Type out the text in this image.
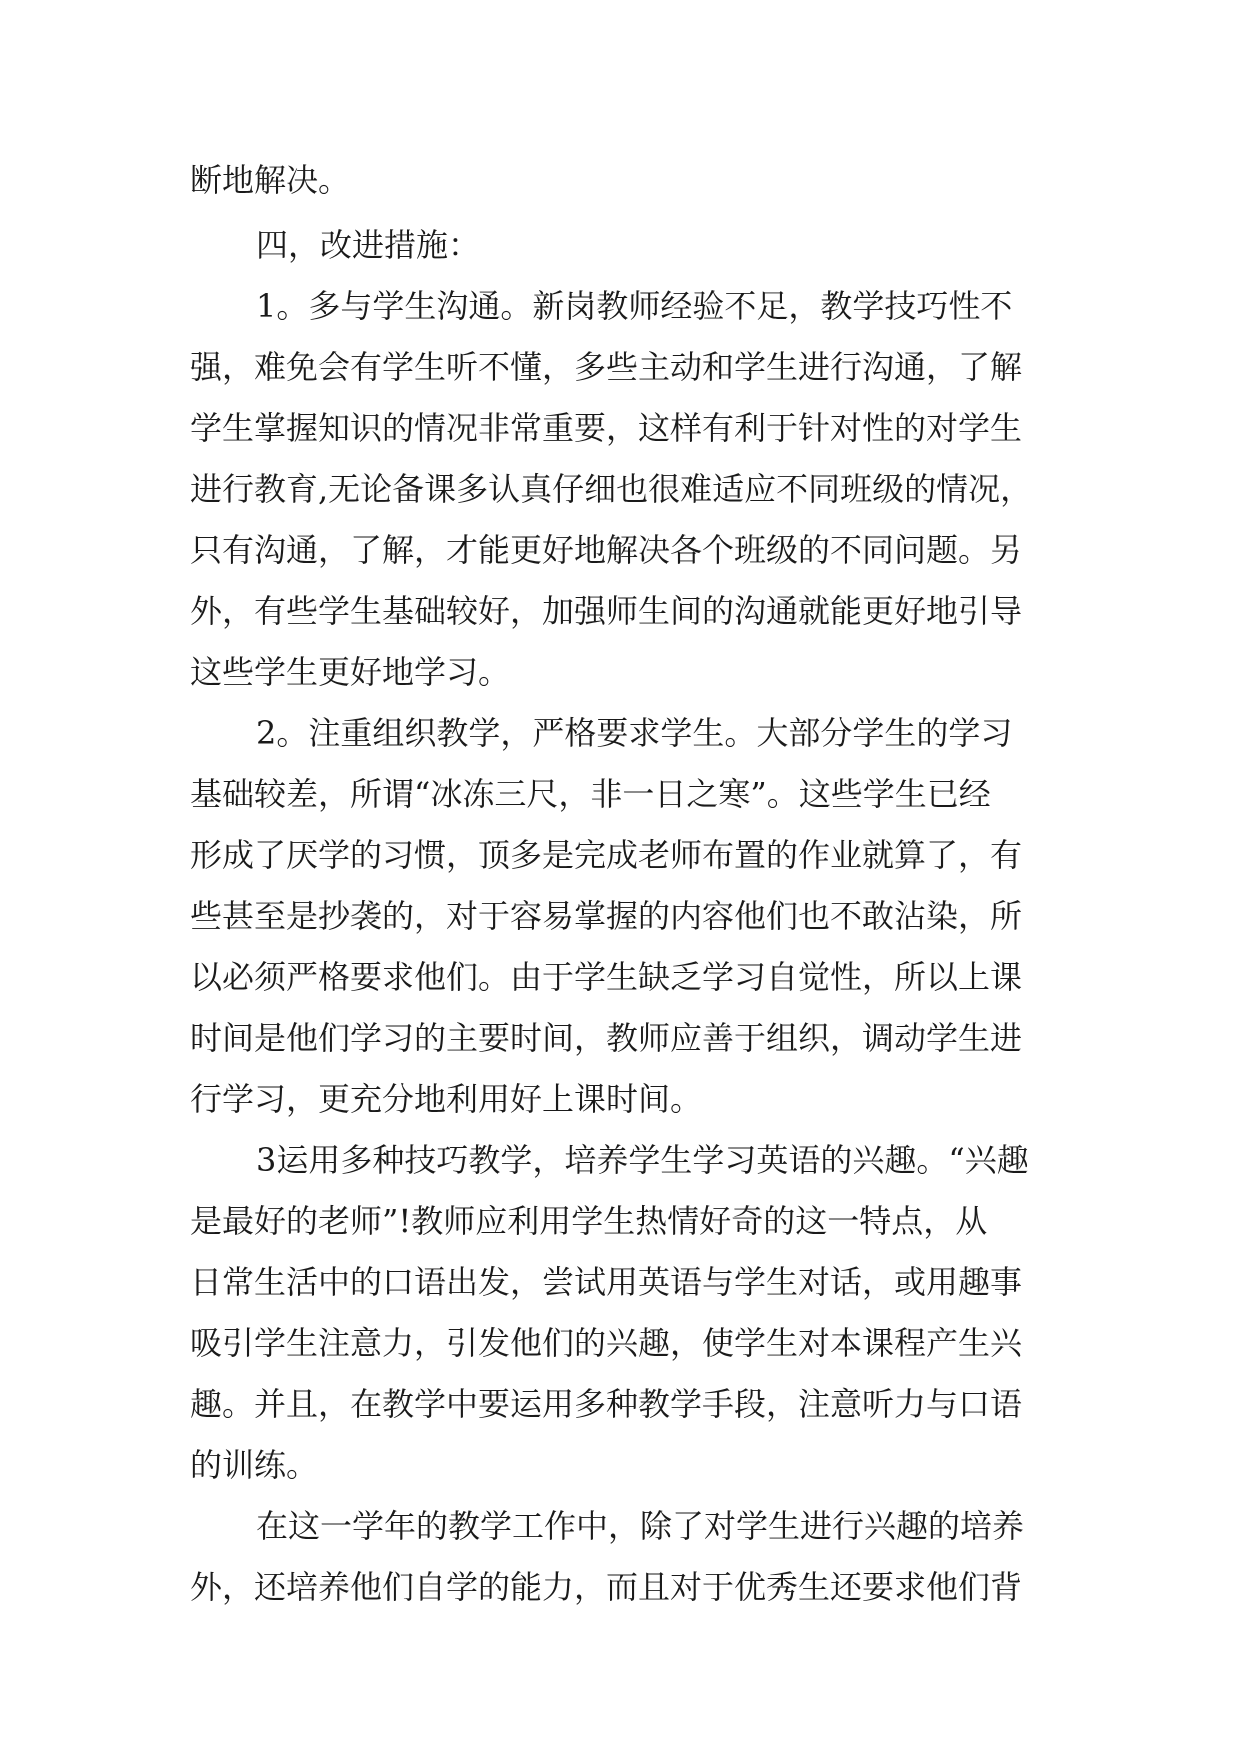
断地解决。
四，改进措施：
1。多与学生沟通。新岗教师经验不足，教学技巧性不
强，难免会有学生听不懂，多些主动和学生进行沟通，了解
学生掌握知识的情况非常重要，这样有利于针对性的对学生
进行教育,无论备课多认真仔细也很难适应不同班级的情况，
只有沟通，了解，才能更好地解决各个班级的不同问题。另
外，有些学生基础较好，加强师生间的沟通就能更好地引导
这些学生更好地学习。
2。注重组织教学，严格要求学生。大部分学生的学习
基础较差，所谓“冰冻三尺，非一日之寒”。这些学生已经
形成了厌学的习惯，顶多是完成老师布置的作业就算了，有
些甚至是抄袭的，对于容易掌握的内容他们也不敢沾染，所
以必须严格要求他们。由于学生缺乏学习自觉性，所以上课
时间是他们学习的主要时间，教师应善于组织，调动学生进
行学习，更充分地利用好上课时间。
3运用多种技巧教学，培养学生学习英语的兴趣。“兴趣
是最好的老师”!教师应利用学生热情好奇的这一特点，从
日常生活中的口语出发，尝试用英语与学生对话，或用趣事
吸引学生注意力，引发他们的兴趣，使学生对本课程产生兴
趣。并且，在教学中要运用多种教学手段，注意听力与口语
的训练。
在这一学年的教学工作中，除了对学生进行兴趣的培养
外，还培养他们自学的能力，而且对于优秀生还要求他们背
